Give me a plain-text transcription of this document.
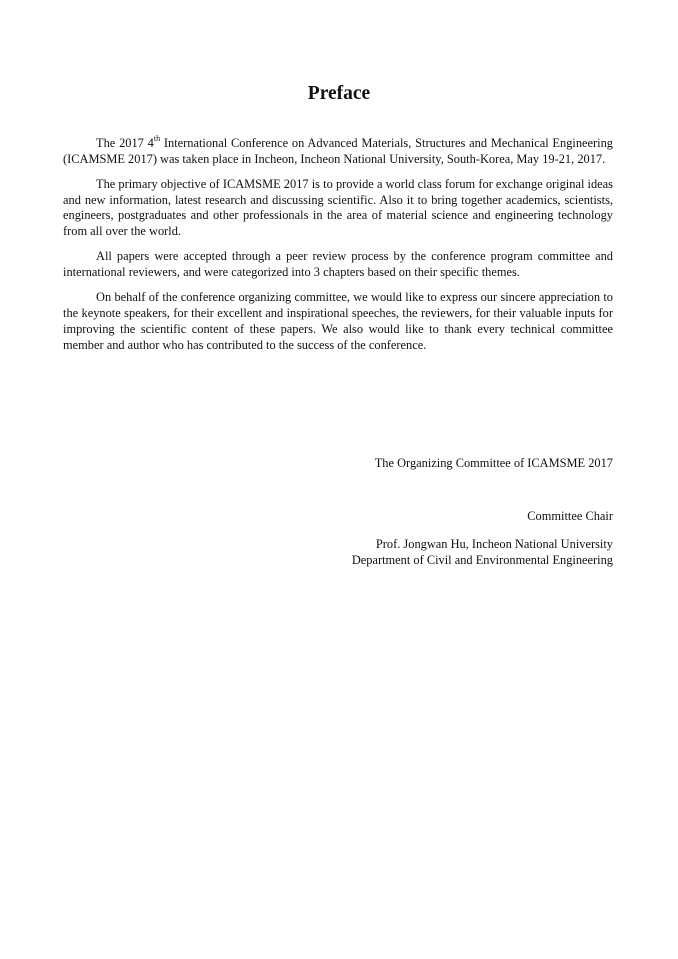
Preface

The 2017 4th International Conference on Advanced Materials, Structures and Mechanical Engineering (ICAMSME 2017) was taken place in Incheon, Incheon National University, South-Korea, May 19-21, 2017.

The primary objective of ICAMSME 2017 is to provide a world class forum for exchange original ideas and new information, latest research and discussing scientific. Also it to bring together academics, scientists, engineers, postgraduates and other professionals in the area of material science and engineering technology from all over the world.

All papers were accepted through a peer review process by the conference program committee and international reviewers, and were categorized into 3 chapters based on their specific themes.

On behalf of the conference organizing committee, we would like to express our sincere appreciation to the keynote speakers, for their excellent and inspirational speeches, the reviewers, for their valuable inputs for improving the scientific content of these papers. We also would like to thank every technical committee member and author who has contributed to the success of the conference.

The Organizing Committee of ICAMSME 2017
Committee Chair
Prof. Jongwan Hu, Incheon National University
Department of Civil and Environmental Engineering
